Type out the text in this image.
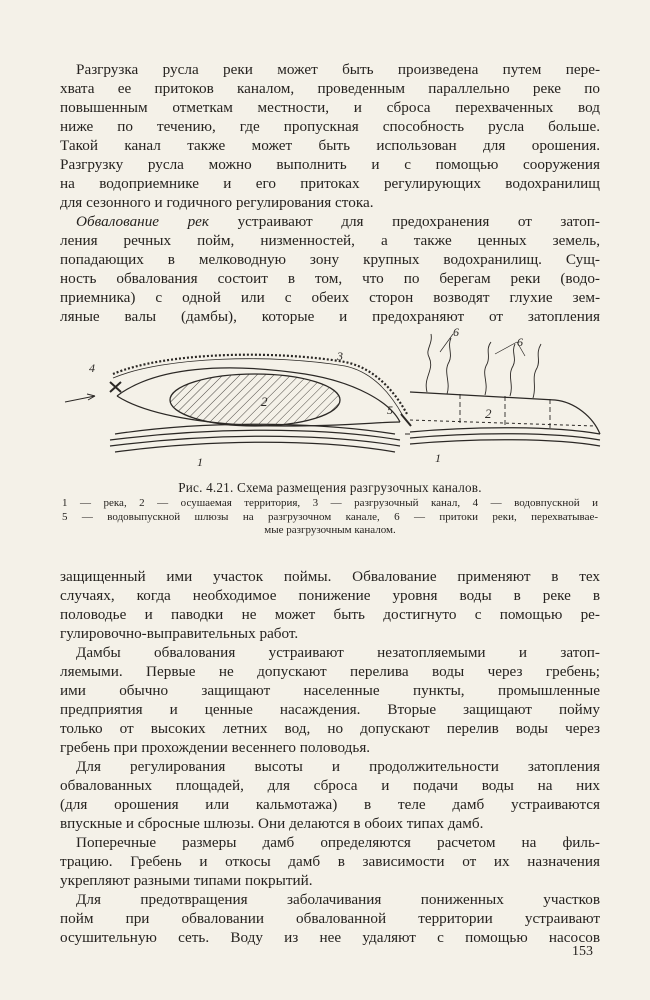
Разгрузка русла реки может быть произведена путем пере-
хвата ее притоков каналом, проведенным параллельно реке по
повышенным отметкам местности, и сброса перехваченных вод
ниже по течению, где пропускная способность русла больше.
Такой канал также может быть использован для орошения.
Разгрузку русла можно выполнить и с помощью сооружения
на водоприемнике и его притоках регулирующих водохранилищ
для сезонного и годичного регулирования стока.
Обвалование рек устраивают для предохранения от затоп-
ления речных пойм, низменностей, а также ценных земель,
попадающих в мелководную зону крупных водохранилищ. Сущ-
ность обвалования состоит в том, что по берегам реки (водо-
приемника) с одной или с обеих сторон возводят глухие зем-
ляные валы (дамбы), которые и предохраняют от затопления
4
3
2
5
1
6
6
2
1
Рис. 4.21. Схема размещения разгрузочных каналов.
1 — река, 2 — осушаемая территория, 3 — разгрузочный канал, 4 — водовпускной и
5 — водовыпускной шлюзы на разгрузочном канале, 6 — притоки реки, перехватывае-
мые разгрузочным каналом.
защищенный ими участок поймы. Обвалование применяют в тех
случаях, когда необходимое понижение уровня воды в реке в
половодье и паводки не может быть достигнуто с помощью ре-
гулировочно-выправительных работ.
Дамбы обвалования устраивают незатопляемыми и затоп-
ляемыми. Первые не допускают перелива воды через гребень;
ими обычно защищают населенные пункты, промышленные
предприятия и ценные насаждения. Вторые защищают пойму
только от высоких летних вод, но допускают перелив воды через
гребень при прохождении весеннего половодья.
Для регулирования высоты и продолжительности затопления
обвалованных площадей, для сброса и подачи воды на них
(для орошения или кальмотажа) в теле дамб устраиваются
впускные и сбросные шлюзы. Они делаются в обоих типах дамб.
Поперечные размеры дамб определяются расчетом на филь-
трацию. Гребень и откосы дамб в зависимости от их назначения
укрепляют разными типами покрытий.
Для предотвращения заболачивания пониженных участков
пойм при обваловании обвалованной территории устраивают
осушительную сеть. Воду из нее удаляют с помощью насосов
153
